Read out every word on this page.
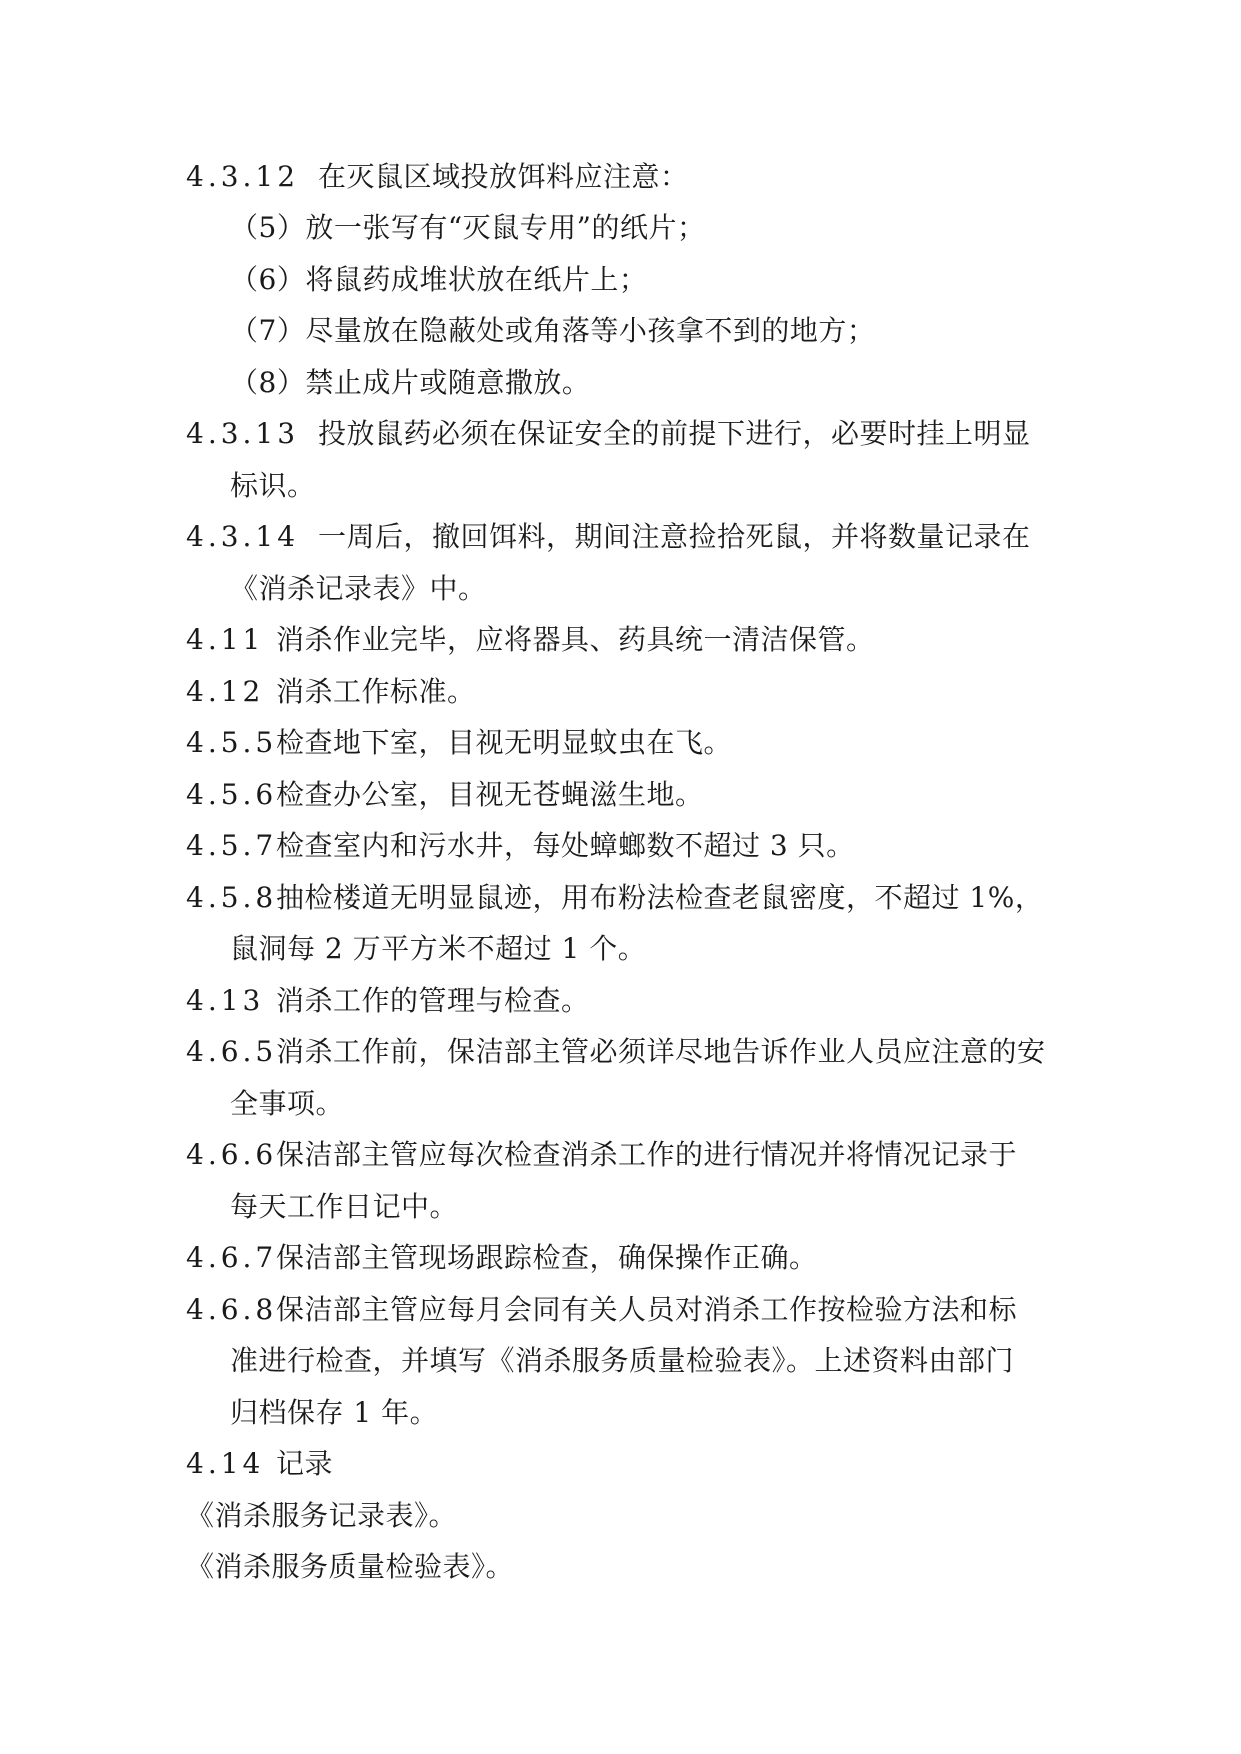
4.3.12 在灭鼠区域投放饵料应注意：
（5）放一张写有“灭鼠专用”的纸片；
（6）将鼠药成堆状放在纸片上；
（7）尽量放在隐蔽处或角落等小孩拿不到的地方；
（8）禁止成片或随意撒放。
4.3.13 投放鼠药必须在保证安全的前提下进行，必要时挂上明显
标识。
4.3.14 一周后，撤回饵料，期间注意捡拾死鼠，并将数量记录在
《消杀记录表》中。
4.11 消杀作业完毕，应将器具、药具统一清洁保管。
4.12 消杀工作标准。
4.5.5检查地下室，目视无明显蚊虫在飞。
4.5.6检查办公室，目视无苍蝇滋生地。
4.5.7检查室内和污水井，每处蟑螂数不超过 3 只。
4.5.8抽检楼道无明显鼠迹，用布粉法检查老鼠密度，不超过 1%，
鼠洞每 2 万平方米不超过 1 个。
4.13 消杀工作的管理与检查。
4.6.5消杀工作前，保洁部主管必须详尽地告诉作业人员应注意的安
全事项。
4.6.6保洁部主管应每次检查消杀工作的进行情况并将情况记录于
每天工作日记中。
4.6.7保洁部主管现场跟踪检查，确保操作正确。
4.6.8保洁部主管应每月会同有关人员对消杀工作按检验方法和标
准进行检查，并填写《消杀服务质量检验表》。上述资料由部门
归档保存 1 年。
4.14 记录
《消杀服务记录表》。
《消杀服务质量检验表》。
